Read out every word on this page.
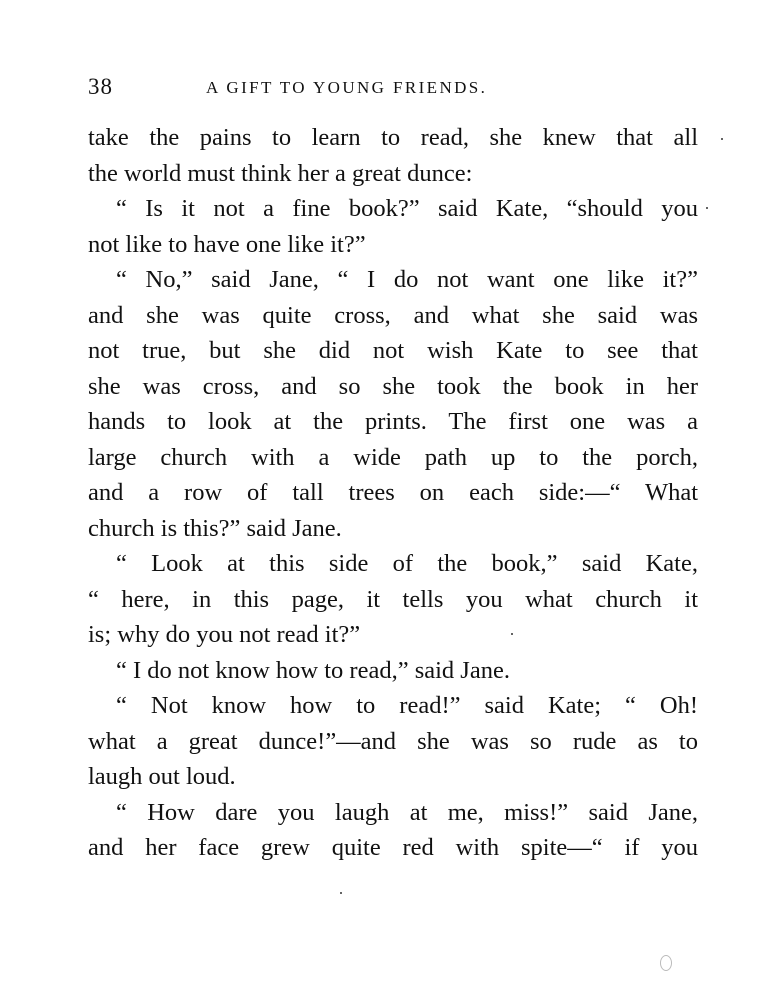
38	A GIFT TO YOUNG FRIENDS.
take the pains to learn to read, she knew that all
the world must think her a great dunce:
“ Is it not a fine book?” said Kate, “should you
not like to have one like it?”
“ No,” said Jane, “ I do not want one like it?”
and she was quite cross, and what she said was
not true, but she did not wish Kate to see that
she was cross, and so she took the book in her
hands to look at the prints. The first one was a
large church with a wide path up to the porch,
and a row of tall trees on each side:—“ What
church is this?” said Jane.
“ Look at this side of the book,” said Kate,
“ here, in this page, it tells you what church it
is; why do you not read it?”
“ I do not know how to read,” said Jane.
“ Not know how to read!” said Kate; “ Oh!
what a great dunce!”—and she was so rude as to
laugh out loud.
“ How dare you laugh at me, miss!” said Jane,
and her face grew quite red with spite—“ if you
